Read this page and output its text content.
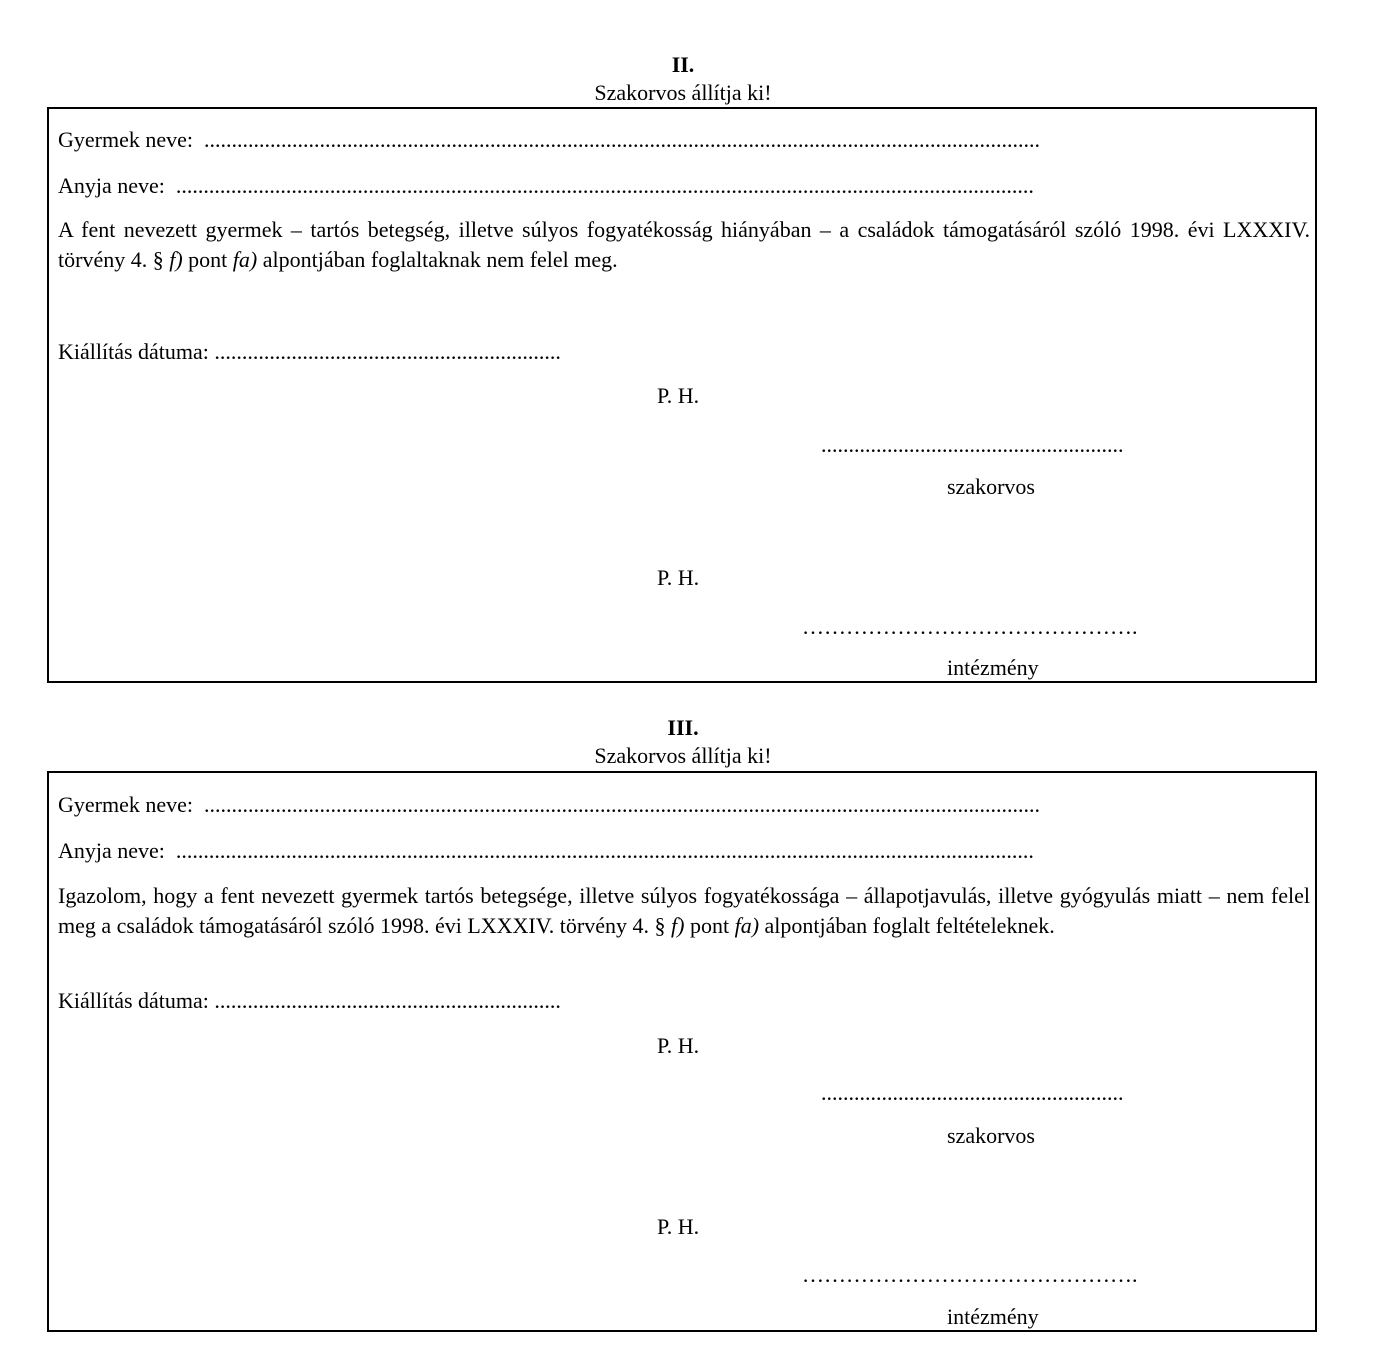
II.
Szakorvos állítja ki!
Gyermek neve: ........................................................................................................................................................
Anyja neve: ............................................................................................................................................................
A fent nevezett gyermek – tartós betegség, illetve súlyos fogyatékosság hiányában – a családok támogatásáról szóló 1998. évi LXXXIV. törvény 4. § f) pont fa) alpontjában foglaltaknak nem felel meg.
Kiállítás dátuma: ...............................................................
P. H.
.......................................................
szakorvos
P. H.
……………………………………….
intézmény
III.
Szakorvos állítja ki!
Gyermek neve: ........................................................................................................................................................
Anyja neve: ............................................................................................................................................................
Igazolom, hogy a fent nevezett gyermek tartós betegsége, illetve súlyos fogyatékossága – állapotjavulás, illetve gyógyulás miatt – nem felel meg a családok támogatásáról szóló 1998. évi LXXXIV. törvény 4. § f) pont fa) alpontjában foglalt feltételeknek.
Kiállítás dátuma: ...............................................................
P. H.
.......................................................
szakorvos
P. H.
……………………………………….
intézmény
